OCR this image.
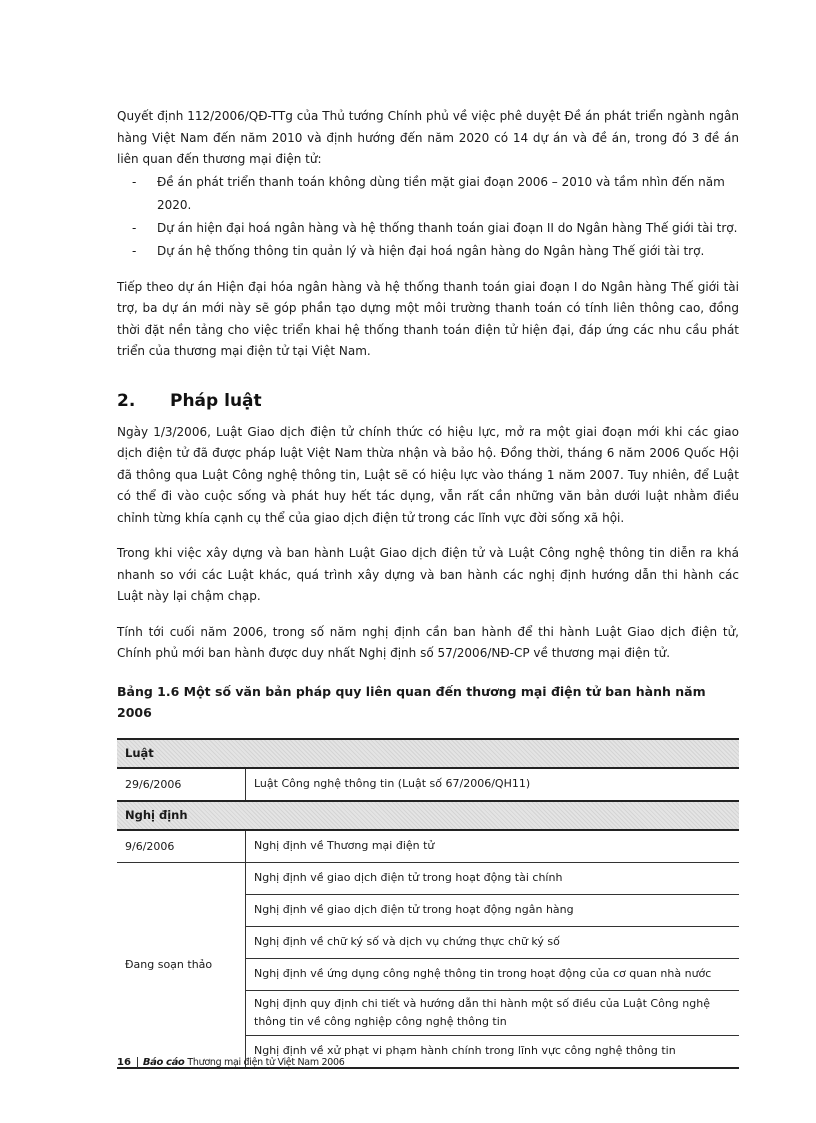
Quyết định 112/2006/QĐ-TTg của Thủ tướng Chính phủ về việc phê duyệt Đề án phát triển ngành ngân hàng Việt Nam đến năm 2010 và định hướng đến năm 2020 có 14 dự án và đề án, trong đó 3 đề án liên quan đến thương mại điện tử:

- Đề án phát triển thanh toán không dùng tiền mặt giai đoạn 2006 – 2010 và tầm nhìn đến năm 2020.
- Dự án hiện đại hoá ngân hàng và hệ thống thanh toán giai đoạn II do Ngân hàng Thế giới tài trợ.
- Dự án hệ thống thông tin quản lý và hiện đại hoá ngân hàng do Ngân hàng Thế giới tài trợ.

Tiếp theo dự án Hiện đại hóa ngân hàng và hệ thống thanh toán giai đoạn I do Ngân hàng Thế giới tài trợ, ba dự án mới này sẽ góp phần tạo dựng một môi trường thanh toán có tính liên thông cao, đồng thời đặt nền tảng cho việc triển khai hệ thống thanh toán điện tử hiện đại, đáp ứng các nhu cầu phát triển của thương mại điện tử tại Việt Nam.

2.	Pháp luật

Ngày 1/3/2006, Luật Giao dịch điện tử chính thức có hiệu lực, mở ra một giai đoạn mới khi các giao dịch điện tử đã được pháp luật Việt Nam thừa nhận và bảo hộ. Đồng thời, tháng 6 năm 2006 Quốc Hội đã thông qua Luật Công nghệ thông tin, Luật sẽ có hiệu lực vào tháng 1 năm 2007. Tuy nhiên, để Luật có thể đi vào cuộc sống và phát huy hết tác dụng, vẫn rất cần những văn bản dưới luật nhằm điều chỉnh từng khía cạnh cụ thể của giao dịch điện tử trong các lĩnh vực đời sống xã hội.

Trong khi việc xây dựng và ban hành Luật Giao dịch điện tử và Luật Công nghệ thông tin diễn ra khá nhanh so với các Luật khác, quá trình xây dựng và ban hành các nghị định hướng dẫn thi hành các Luật này lại chậm chạp.

Tính tới cuối năm 2006, trong số năm nghị định cần ban hành để thi hành Luật Giao dịch điện tử, Chính phủ mới ban hành được duy nhất Nghị định số 57/2006/NĐ-CP về thương mại điện tử.

Bảng 1.6 Một số văn bản pháp quy liên quan đến thương mại điện tử ban hành năm 2006

Luật	
29/6/2006	Luật Công nghệ thông tin (Luật số 67/2006/QH11)
Nghị định	
9/6/2006	Nghị định về Thương mại điện tử
Đang soạn thảo	Nghị định về giao dịch điện tử trong hoạt động tài chính
	Nghị định về giao dịch điện tử trong hoạt động ngân hàng
	Nghị định về chữ ký số và dịch vụ chứng thực chữ ký số
	Nghị định về ứng dụng công nghệ thông tin trong hoạt động của cơ quan nhà nước
	Nghị định quy định chi tiết và hướng dẫn thi hành một số điều của Luật Công nghệ thông tin về công nghiệp công nghệ thông tin
	Nghị định về xử phạt vi phạm hành chính trong lĩnh vực công nghệ thông tin
16	Báo cáo Thương mại điện tử Việt Nam 2006
